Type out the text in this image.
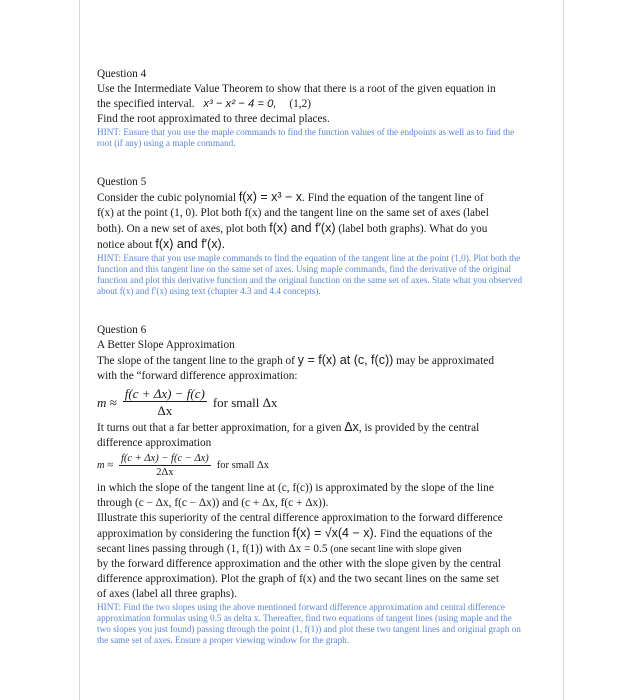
Question 4

Use the Intermediate Value Theorem to show that there is a root of the given equation in

the specified interval. x³ − x² − 4 = 0, (1,2)

Find the root approximated to three decimal places.

HINT: Ensure that you use the maple commands to find the function values of the endpoints as well as to find the root (if any) using a maple command.

Question 5

Consider the cubic polynomial f(x) = x³ − x. Find the equation of the tangent line of

f(x) at the point (1, 0). Plot both f(x) and the tangent line on the same set of axes (label

both). On a new set of axes, plot both f(x) and f′(x) (label both graphs). What do you

notice about f(x) and f′(x).

HINT: Ensure that you use maple commands to find the equation of the tangent line at the point (1,0). Plot both the function and this tangent line on the same set of axes. Using maple commands, find the derivative of the original function and plot this derivative function and the original function on the same set of axes. State what you observed about f(x) and f′(x) using text (chapter 4.3 and 4.4 concepts).

Question 6

A Better Slope Approximation

The slope of the tangent line to the graph of y = f(x) at (c, f(c)) may be approximated

with the “forward difference approximation:

$m \approx \frac{f(c + \Delta x) - f(c)}{\Delta x}$ for small Δx

It turns out that a far better approximation, for a given Δx, is provided by the central

difference approximation

$m \approx \frac{f(c + \Delta x) - f(c - \Delta x)}{2\Delta x}$ for small Δx

in which the slope of the tangent line at (c, f(c)) is approximated by the slope of the line

through (c − Δx, f(c − Δx)) and (c + Δx, f(c + Δx)).

Illustrate this superiority of the central difference approximation to the forward difference

approximation by considering the function f(x) = √x(4 − x). Find the equations of the

secant lines passing through (1, f(1)) with Δx = 0.5 (one secant line with slope given

by the forward difference approximation and the other with the slope given by the central

difference approximation). Plot the graph of f(x) and the two secant lines on the same set

of axes (label all three graphs).

HINT: Find the two slopes using the above mentioned forward difference approximation and central difference approximation formulas using 0.5 as delta x. Thereafter, find two equations of tangent lines (using maple and the two slopes you just found) passing through the point (1, f(1)) and plot these two tangent lines and original graph on the same set of axes. Ensure a proper viewing window for the graph.
